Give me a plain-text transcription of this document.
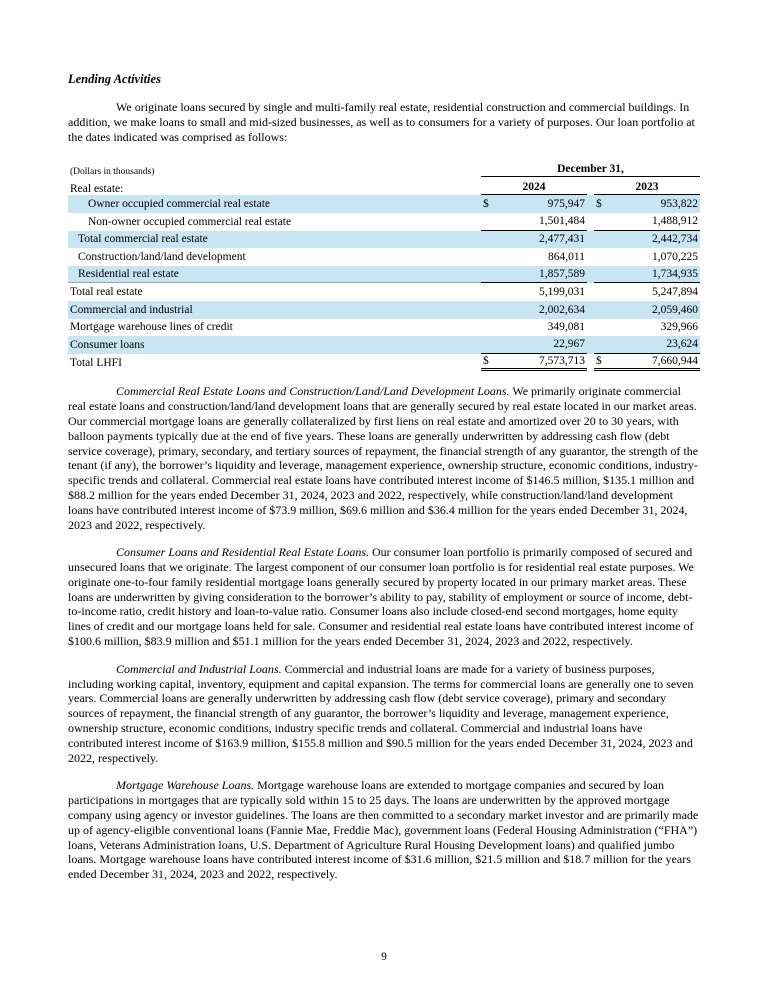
Lending Activities

We originate loans secured by single and multi-family real estate, residential construction and commercial buildings. In addition, we make loans to small and mid-sized businesses, as well as to consumers for a variety of purposes. Our loan portfolio at the dates indicated was comprised as follows:

(Dollars in thousands)	December 31,
Real estate:	2024	2023
Owner occupied commercial real estate	$	975,947 $	953,822
Non-owner occupied commercial real estate	1,501,484	1,488,912
Total commercial real estate	2,477,431	2,442,734
Construction/land/land development	864,011	1,070,225
Residential real estate	1,857,589	1,734,935
Total real estate	5,199,031	5,247,894
Commercial and industrial	2,002,634	2,059,460
Mortgage warehouse lines of credit	349,081	329,966
Consumer loans	22,967	23,624
Total LHFI	$	7,573,713 $	7,660,944

Commercial Real Estate Loans and Construction/Land/Land Development Loans. We primarily originate commercial real estate loans and construction/land/land development loans that are generally secured by real estate located in our market areas. Our commercial mortgage loans are generally collateralized by first liens on real estate and amortized over 20 to 30 years, with balloon payments typically due at the end of five years. These loans are generally underwritten by addressing cash flow (debt service coverage), primary, secondary, and tertiary sources of repayment, the financial strength of any guarantor, the strength of the tenant (if any), the borrower’s liquidity and leverage, management experience, ownership structure, economic conditions, industry-specific trends and collateral. Commercial real estate loans have contributed interest income of $146.5 million, $135.1 million and $88.2 million for the years ended December 31, 2024, 2023 and 2022, respectively, while construction/land/land development loans have contributed interest income of $73.9 million, $69.6 million and $36.4 million for the years ended December 31, 2024, 2023 and 2022, respectively.

Consumer Loans and Residential Real Estate Loans. Our consumer loan portfolio is primarily composed of secured and unsecured loans that we originate. The largest component of our consumer loan portfolio is for residential real estate purposes. We originate one-to-four family residential mortgage loans generally secured by property located in our primary market areas. These loans are underwritten by giving consideration to the borrower’s ability to pay, stability of employment or source of income, debt-to-income ratio, credit history and loan-to-value ratio. Consumer loans also include closed-end second mortgages, home equity lines of credit and our mortgage loans held for sale. Consumer and residential real estate loans have contributed interest income of $100.6 million, $83.9 million and $51.1 million for the years ended December 31, 2024, 2023 and 2022, respectively.

Commercial and Industrial Loans. Commercial and industrial loans are made for a variety of business purposes, including working capital, inventory, equipment and capital expansion. The terms for commercial loans are generally one to seven years. Commercial loans are generally underwritten by addressing cash flow (debt service coverage), primary and secondary sources of repayment, the financial strength of any guarantor, the borrower’s liquidity and leverage, management experience, ownership structure, economic conditions, industry specific trends and collateral. Commercial and industrial loans have contributed interest income of $163.9 million, $155.8 million and $90.5 million for the years ended December 31, 2024, 2023 and 2022, respectively.

Mortgage Warehouse Loans. Mortgage warehouse loans are extended to mortgage companies and secured by loan participations in mortgages that are typically sold within 15 to 25 days. The loans are underwritten by the approved mortgage company using agency or investor guidelines. The loans are then committed to a secondary market investor and are primarily made up of agency-eligible conventional loans (Fannie Mae, Freddie Mac), government loans (Federal Housing Administration (“FHA”) loans, Veterans Administration loans, U.S. Department of Agriculture Rural Housing Development loans) and qualified jumbo loans. Mortgage warehouse loans have contributed interest income of $31.6 million, $21.5 million and $18.7 million for the years ended December 31, 2024, 2023 and 2022, respectively.

9
